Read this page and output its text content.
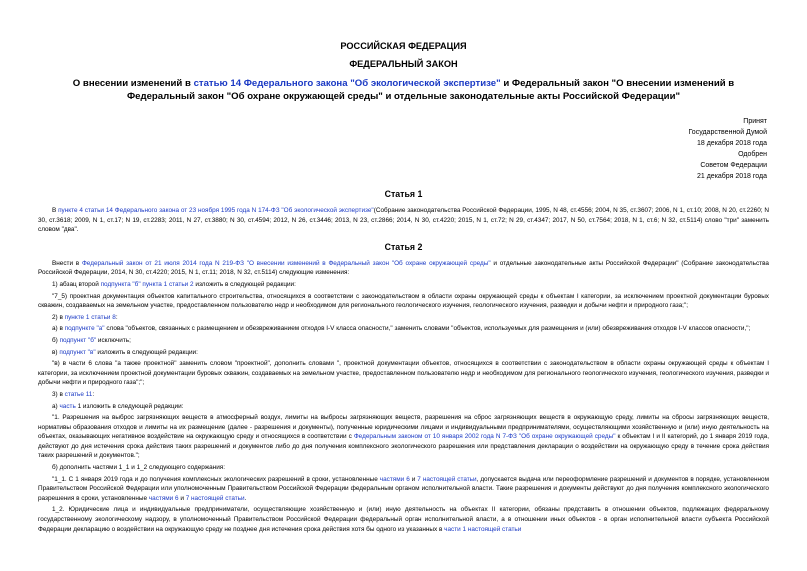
РОССИЙСКАЯ ФЕДЕРАЦИЯ
ФЕДЕРАЛЬНЫЙ ЗАКОН
О внесении изменений в статью 14 Федерального закона "Об экологической экспертизе" и Федеральный закон "О внесении изменений в Федеральный закон "Об охране окружающей среды" и отдельные законодательные акты Российской Федерации"
Принят
Государственной Думой
18 декабря 2018 года
Одобрен
Советом Федерации
21 декабря 2018 года
Статья 1

В пункте 4 статьи 14 Федерального закона от 23 ноября 1995 года N 174-ФЗ "Об экологической экспертизе"(Собрание законодательства Российской Федерации, 1995, N 48, ст.4556; 2004, N 35, ст.3607; 2006, N 1, ст.10; 2008, N 20, ст.2260; N 30, ст.3618; 2009, N 1, ст.17; N 19, ст.2283; 2011, N 27, ст.3880; N 30, ст.4594; 2012, N 26, ст.3446; 2013, N 23, ст.2866; 2014, N 30, ст.4220; 2015, N 1, ст.72; N 29, ст.4347; 2017, N 50, ст.7564; 2018, N 1, ст.6; N 32, ст.5114) слово "три" заменить словом "два".

Статья 2

Внести в Федеральный закон от 21 июля 2014 года N 219-ФЗ "О внесении изменений в Федеральный закон "Об охране окружающей среды" и отдельные законодательные акты Российской Федерации" (Собрание законодательства Российской Федерации, 2014, N 30, ст.4220; 2015, N 1, ст.11; 2018, N 32, ст.5114) следующие изменения:

1) абзац второй подпункта "б" пункта 1 статьи 2 изложить в следующей редакции:

"7_5) проектная документация объектов капитального строительства, относящихся в соответствии с законодательством в области охраны окружающей среды к объектам I категории, за исключением проектной документации буровых скважин, создаваемых на земельном участке, предоставленном пользователю недр и необходимом для регионального геологического изучения, геологического изучения, разведки и добычи нефти и природного газа;";

2) в пункте 1 статьи 8:

а) в подпункте "а" слова "объектов, связанных с размещением и обезвреживанием отходов I-V класса опасности," заменить словами "объектов, используемых для размещения и (или) обезвреживания отходов I-V классов опасности,";

б) подпункт "б" исключить;

в) подпункт "в" изложить в следующей редакции:

"в) в части 6 слова "а также проектной" заменить словом "проектной", дополнить словами ", проектной документации объектов, относящихся в соответствии с законодательством в области охраны окружающей среды к объектам I категории, за исключением проектной документации буровых скважин, создаваемых на земельном участке, предоставленном пользователю недр и необходимом для регионального геологического изучения, геологического изучения, разведки и добычи нефти и природного газа";";

3) в статье 11:

а) часть 1 изложить в следующей редакции:

"1. Разрешения на выброс загрязняющих веществ в атмосферный воздух, лимиты на выбросы загрязняющих веществ, разрешения на сброс загрязняющих веществ в окружающую среду, лимиты на сбросы загрязняющих веществ, нормативы образования отходов и лимиты на их размещение (далее - разрешения и документы), полученные юридическими лицами и индивидуальными предпринимателями, осуществляющими хозяйственную и (или) иную деятельность на объектах, оказывающих негативное воздействие на окружающую среду и относящихся в соответствии с Федеральным законом от 10 января 2002 года N 7-ФЗ "Об охране окружающей среды" к объектам I и II категорий, до 1 января 2019 года, действуют до дня истечения срока действия таких разрешений и документов либо до дня получения комплексного экологического разрешения или представления декларации о воздействии на окружающую среду в течение срока действия таких разрешений и документов.";

б) дополнить частями 1_1 и 1_2 следующего содержания:

"1_1. С 1 января 2019 года и до получения комплексных экологических разрешений в сроки, установленные частями 6 и 7 настоящей статьи, допускается выдача или переоформление разрешений и документов в порядке, установленном Правительством Российской Федерации или уполномоченным Правительством Российской Федерации федеральным органом исполнительной власти. Такие разрешения и документы действуют до дня получения комплексного экологического разрешения в сроки, установленные частями 6 и 7 настоящей статьи.

1_2. Юридические лица и индивидуальные предприниматели, осуществляющие хозяйственную и (или) иную деятельность на объектах II категории, обязаны представить в отношении объектов, подлежащих федеральному государственному экологическому надзору, в уполномоченный Правительством Российской Федерации федеральный орган исполнительной власти, а в отношении иных объектов - в орган исполнительной власти субъекта Российской Федерации декларацию о воздействии на окружающую среду не позднее дня истечения срока действия хотя бы одного из указанных в части 1 настоящей статьи
